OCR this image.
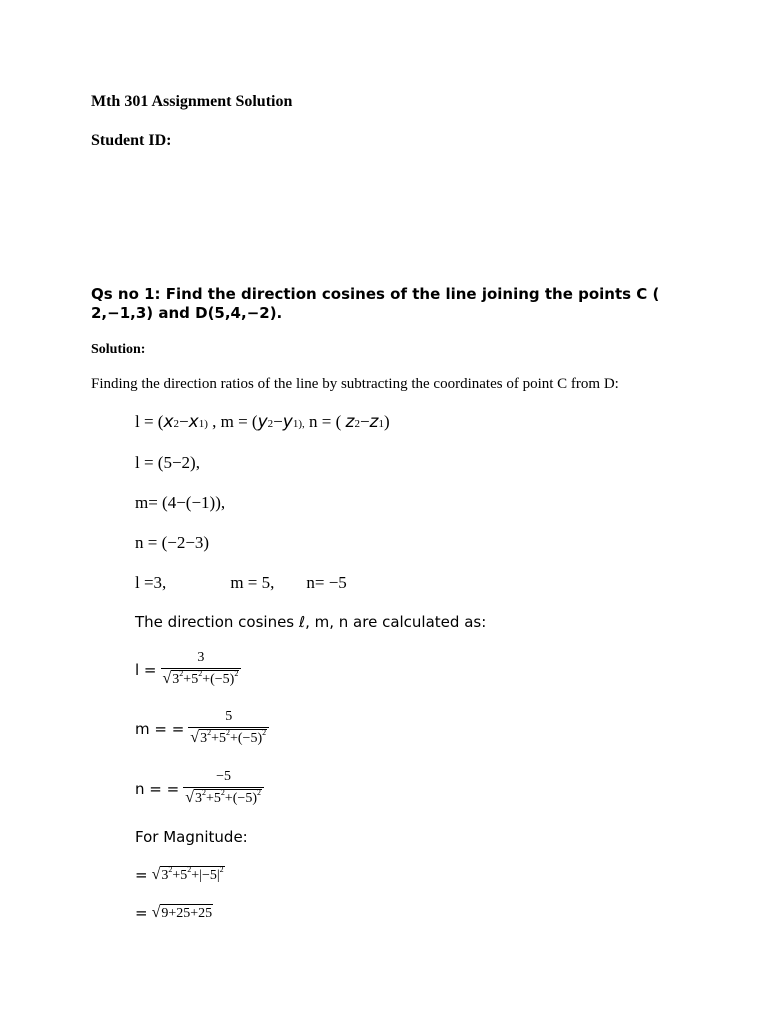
Mth 301 Assignment Solution
Student ID:
Qs no 1: Find the direction cosines of the line joining the points C ( 2,−1,3) and D(5,4,−2).
Solution:
Finding the direction ratios of the line by subtracting the coordinates of point C from D:
l = (x2−x1) , m = (y2−y1), n = ( z2−z1)
l = (5−2),
m= (4−(−1)),
n = (−2−3)
l =3,	m = 5, n= −5
The direction cosines ℓ, m, n are calculated as:
$l = \frac{3}{√ 3^2+5^2+(-5)^2}$
m = = $\frac{5}{√ 3^2+5^2+(-5)^2}$
n = = $\frac{-5}{√ 3^2+5^2+(-5)^2}$
For Magnitude:
= √ $3^2+5^2+|-5|^2$
= √ 9+25+25
